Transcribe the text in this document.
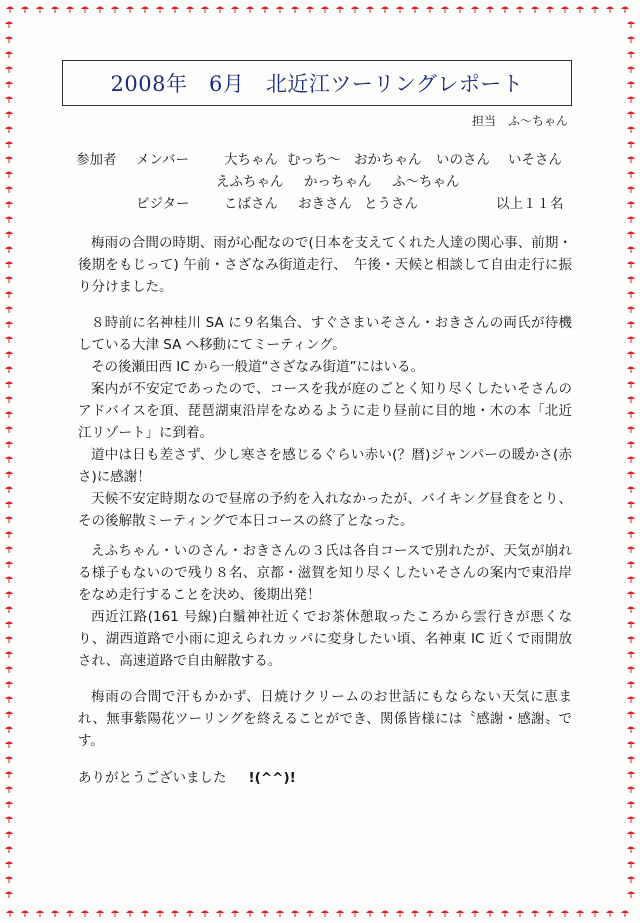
2008年　6月　北近江ツーリングレポート
担当　ふ～ちゃん
参加者 メンバー	大ちゃん むっち～ おかちゃん いのさん いそさん
えふちゃん かっちゃん ふ～ちゃん
ビジター	こばさん おきさん とうさん	以上１１名

梅雨の合間の時期、雨が心配なので(日本を支えてくれた人達の関心事、前期・後期をもじって) 午前・さざなみ街道走行、　午後・天候と相談して自由走行に振り分けました。

８時前に名神桂川 SA に９名集合、すぐさまいそさん・おきさんの両氏が待機している大津 SA へ移動にてミーティング。

その後瀬田西 IC から一般道“さざなみ街道”にはいる。

案内が不安定であったので、コースを我が庭のごとく知り尽くしたいそさんのアドバイスを頂、琵琶湖東沿岸をなめるように走り昼前に目的地・木の本「北近江リゾート」に到着。

道中は日も差さず、少し寒さを感じるぐらい赤い(？暦)ジャンパーの暖かさ(赤さ)に感謝！

天候不安定時期なので昼席の予約を入れなかったが、バイキング昼食をとり、その後解散ミーティングで本日コースの終了となった。

えふちゃん・いのさん・おきさんの３氏は各自コースで別れたが、天気が崩れる様子もないので残り８名、京都・滋賀を知り尽くしたいそさんの案内で東沿岸をなめ走行することを決め、後期出発！

西近江路(161 号線)白鬚神社近くでお茶休憩取ったころから雲行きが悪くなり、湖西道路で小雨に迎えられカッパに変身したい頃、名神東 IC 近くで雨開放され、高速道路で自由解散する。

梅雨の合間で汗もかかず、日焼けクリームのお世話にもならない天気に恵まれ、無事紫陽花ツーリングを終えることができ、関係皆様には〝感謝・感謝〟です。

ありがとうございました !(^^)!
